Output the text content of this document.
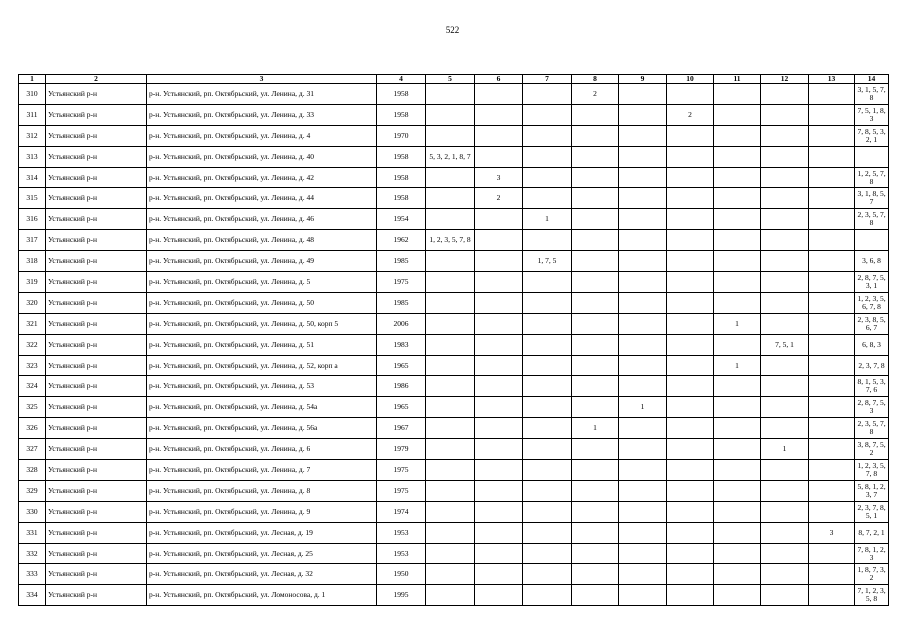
522
1	2	3	4	5	6	7	8	9	10	11	12	13	14
310	Устьянский р-н	р-н. Устьянский, рп. Октябрьский, ул. Ленина, д. 31	1958				2						3, 1, 5, 7, 8
311	Устьянский р-н	р-н. Устьянский, рп. Октябрьский, ул. Ленина, д. 33	1958						2				7, 5, 1, 8, 3
312	Устьянский р-н	р-н. Устьянский, рп. Октябрьский, ул. Ленина, д. 4	1970										7, 8, 5, 3, 2, 1
313	Устьянский р-н	р-н. Устьянский, рп. Октябрьский, ул. Ленина, д. 40	1958	5, 3, 2, 1, 8, 7									
314	Устьянский р-н	р-н. Устьянский, рп. Октябрьский, ул. Ленина, д. 42	1958		3								1, 2, 5, 7, 8
315	Устьянский р-н	р-н. Устьянский, рп. Октябрьский, ул. Ленина, д. 44	1958		2								3, 1, 8, 5, 7
316	Устьянский р-н	р-н. Устьянский, рп. Октябрьский, ул. Ленина, д. 46	1954			1							2, 3, 5, 7, 8
317	Устьянский р-н	р-н. Устьянский, рп. Октябрьский, ул. Ленина, д. 48	1962	1, 2, 3, 5, 7, 8									
318	Устьянский р-н	р-н. Устьянский, рп. Октябрьский, ул. Ленина, д. 49	1985			1, 7, 5							3, 6, 8
319	Устьянский р-н	р-н. Устьянский, рп. Октябрьский, ул. Ленина, д. 5	1975										2, 8, 7, 5, 3, 1
320	Устьянский р-н	р-н. Устьянский, рп. Октябрьский, ул. Ленина, д. 50	1985										1, 2, 3, 5, 6, 7, 8
321	Устьянский р-н	р-н. Устьянский, рп. Октябрьский, ул. Ленина, д. 50, корп 5	2006							1			2, 3, 8, 5, 6, 7
322	Устьянский р-н	р-н. Устьянский, рп. Октябрьский, ул. Ленина, д. 51	1983								7, 5, 1		6, 8, 3
323	Устьянский р-н	р-н. Устьянский, рп. Октябрьский, ул. Ленина, д. 52, корп а	1965							1			2, 3, 7, 8
324	Устьянский р-н	р-н. Устьянский, рп. Октябрьский, ул. Ленина, д. 53	1986										8, 1, 5, 3, 7, 6
325	Устьянский р-н	р-н. Устьянский, рп. Октябрьский, ул. Ленина, д. 54а	1965					1					2, 8, 7, 5, 3
326	Устьянский р-н	р-н. Устьянский, рп. Октябрьский, ул. Ленина, д. 56а	1967				1						2, 3, 5, 7, 8
327	Устьянский р-н	р-н. Устьянский, рп. Октябрьский, ул. Ленина, д. 6	1979								1		3, 8, 7, 5, 2
328	Устьянский р-н	р-н. Устьянский, рп. Октябрьский, ул. Ленина, д. 7	1975										1, 2, 3, 5, 7, 8
329	Устьянский р-н	р-н. Устьянский, рп. Октябрьский, ул. Ленина, д. 8	1975										5, 8, 1, 2, 3, 7
330	Устьянский р-н	р-н. Устьянский, рп. Октябрьский, ул. Ленина, д. 9	1974										2, 3, 7, 8, 5, 1
331	Устьянский р-н	р-н. Устьянский, рп. Октябрьский, ул. Лесная, д. 19	1953									3	8, 7, 2, 1
332	Устьянский р-н	р-н. Устьянский, рп. Октябрьский, ул. Лесная, д. 25	1953										7, 8, 1, 2, 3
333	Устьянский р-н	р-н. Устьянский, рп. Октябрьский, ул. Лесная, д. 32	1950										1, 8, 7, 3, 2
334	Устьянский р-н	р-н. Устьянский, рп. Октябрьский, ул. Ломоносова, д. 1	1995										7, 1, 2, 3, 5, 8
